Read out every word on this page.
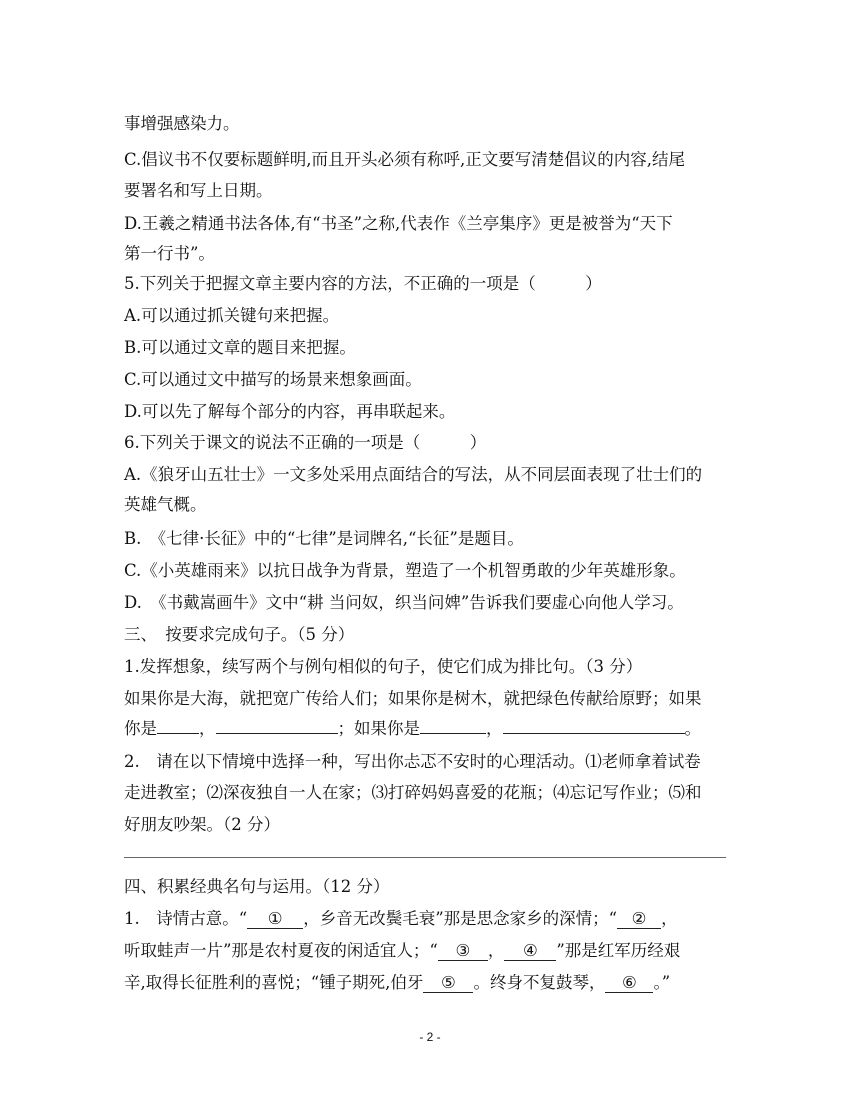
事增强感染力。
C.倡议书不仅要标题鲜明,而且开头必须有称呼,正文要写清楚倡议的内容,结尾
要署名和写上日期。
D.王羲之精通书法各体,有“书圣”之称,代表作《兰亭集序》更是被誉为“天下
第一行书”。
5.下列关于把握文章主要内容的方法，不正确的一项是（　　　）
A.可以通过抓关键句来把握。
B.可以通过文章的题目来把握。
C.可以通过文中描写的场景来想象画面。
D.可以先了解每个部分的内容，再串联起来。
6.下列关于课文的说法不正确的一项是（　　　）
A.《狼牙山五壮士》一文多处采用点面结合的写法，从不同层面表现了壮士们的
英雄气概。
B.　《七律·长征》中的“七律”是词牌名,“长征”是题目。
C.《小英雄雨来》以抗日战争为背景，塑造了一个机智勇敢的少年英雄形象。
D.　《书戴嵩画牛》文中“耕 当问奴，织当问婢”告诉我们要虚心向他人学习。
三、　按要求完成句子。（5 分）
1.发挥想象，续写两个与例句相似的句子，使它们成为排比句。（3 分）
如果你是大海，就把宽广传给人们；如果你是树木，就把绿色传献给原野；如果
你是	，	；如果你是	，	。
2.　请在以下情境中选择一种，写出你忐忑不安时的心理活动。⑴老师拿着试卷
走进教室；⑵深夜独自一人在家；⑶打碎妈妈喜爱的花瓶；⑷忘记写作业；⑸和
好朋友吵架。（2 分）
四、积累经典名句与运用。（12 分）
1.　诗情古意。“ ① ，乡音无改鬓毛衰”那是思念家乡的深情；“ ② ，
听取蛙声一片”那是农村夏夜的闲适宜人；“ ③ ， ④ ”那是红军历经艰
辛,取得长征胜利的喜悦；“锺子期死,伯牙 ⑤ 。终身不复鼓琴， ⑥ 。”
- 2 -
